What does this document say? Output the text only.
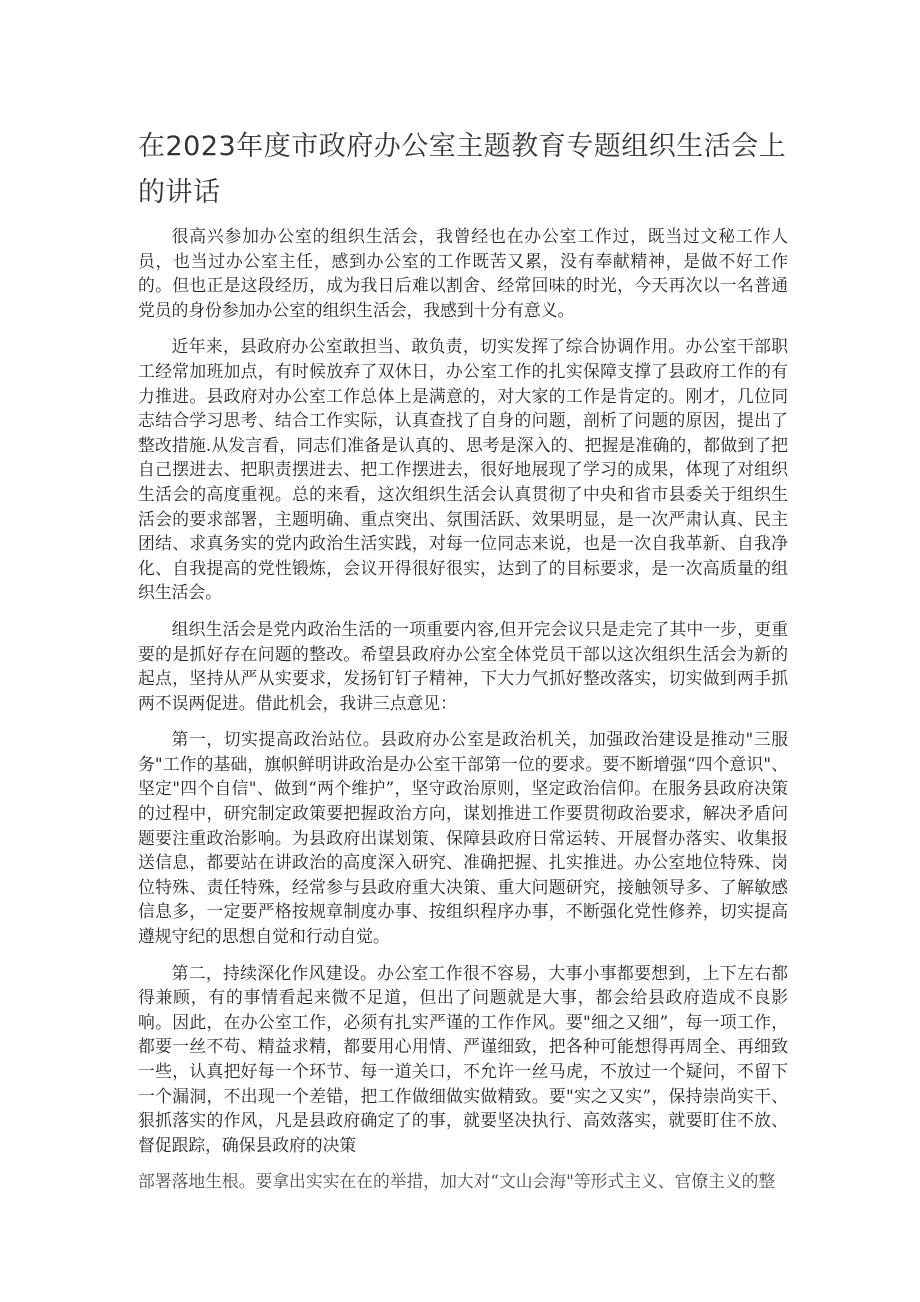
在2023年度市政府办公室主题教育专题组织生活会上的讲话

很高兴参加办公室的组织生活会，我曾经也在办公室工作过，既当过文秘工作人员，也当过办公室主任，感到办公室的工作既苦又累，没有奉献精神，是做不好工作的。但也正是这段经历，成为我日后难以割舍、经常回味的时光，今天再次以一名普通党员的身份参加办公室的组织生活会，我感到十分有意义。

近年来，县政府办公室敢担当、敢负责，切实发挥了综合协调作用。办公室干部职工经常加班加点，有时候放弃了双休日，办公室工作的扎实保障支撑了县政府工作的有力推进。县政府对办公室工作总体上是满意的，对大家的工作是肯定的。刚才，几位同志结合学习思考、结合工作实际，认真查找了自身的问题，剖析了问题的原因，提出了整改措施.从发言看，同志们准备是认真的、思考是深入的、把握是准确的，都做到了把自己摆进去、把职责摆进去、把工作摆进去，很好地展现了学习的成果，体现了对组织生活会的高度重视。总的来看，这次组织生活会认真贯彻了中央和省市县委关于组织生活会的要求部署，主题明确、重点突出、氛围活跃、效果明显，是一次严肃认真、民主团结、求真务实的党内政治生活实践，对每一位同志来说，也是一次自我革新、自我净化、自我提高的党性锻炼，会议开得很好很实，达到了的目标要求，是一次高质量的组织生活会。

组织生活会是党内政治生活的一项重要内容,但开完会议只是走完了其中一步，更重要的是抓好存在问题的整改。希望县政府办公室全体党员干部以这次组织生活会为新的起点，坚持从严从实要求，发扬钉钉子精神，下大力气抓好整改落实，切实做到两手抓两不误两促进。借此机会，我讲三点意见：

第一，切实提高政治站位。县政府办公室是政治机关，加强政治建设是推动"三服务"工作的基础，旗帜鲜明讲政治是办公室干部第一位的要求。要不断增强“四个意识"、坚定"四个自信"、做到“两个维护”，坚守政治原则，坚定政治信仰。在服务县政府决策的过程中，研究制定政策要把握政治方向，谋划推进工作要贯彻政治要求，解决矛盾问题要注重政治影响。为县政府出谋划策、保障县政府日常运转、开展督办落实、收集报送信息，都要站在讲政治的高度深入研究、准确把握、扎实推进。办公室地位特殊、岗位特殊、责任特殊，经常参与县政府重大决策、重大问题研究，接触领导多、了解敏感信息多，一定要严格按规章制度办事、按组织程序办事，不断强化党性修养，切实提高遵规守纪的思想自觉和行动自觉。

第二，持续深化作风建设。办公室工作很不容易，大事小事都要想到，上下左右都得兼顾，有的事情看起来微不足道，但出了问题就是大事，都会给县政府造成不良影响。因此，在办公室工作，必须有扎实严谨的工作作风。要"细之又细”，每一项工作，都要一丝不苟、精益求精，都要用心用情、严谨细致，把各种可能想得再周全、再细致一些，认真把好每一个环节、每一道关口，不允许一丝马虎，不放过一个疑问，不留下一个漏洞，不出现一个差错，把工作做细做实做精致。要"实之又实”，保持崇尚实干、狠抓落实的作风，凡是县政府确定了的事，就要坚决执行、高效落实，就要盯住不放、督促跟踪，确保县政府的决策

部署落地生根。要拿出实实在在的举措，加大对“文山会海"等形式主义、官僚主义的整
